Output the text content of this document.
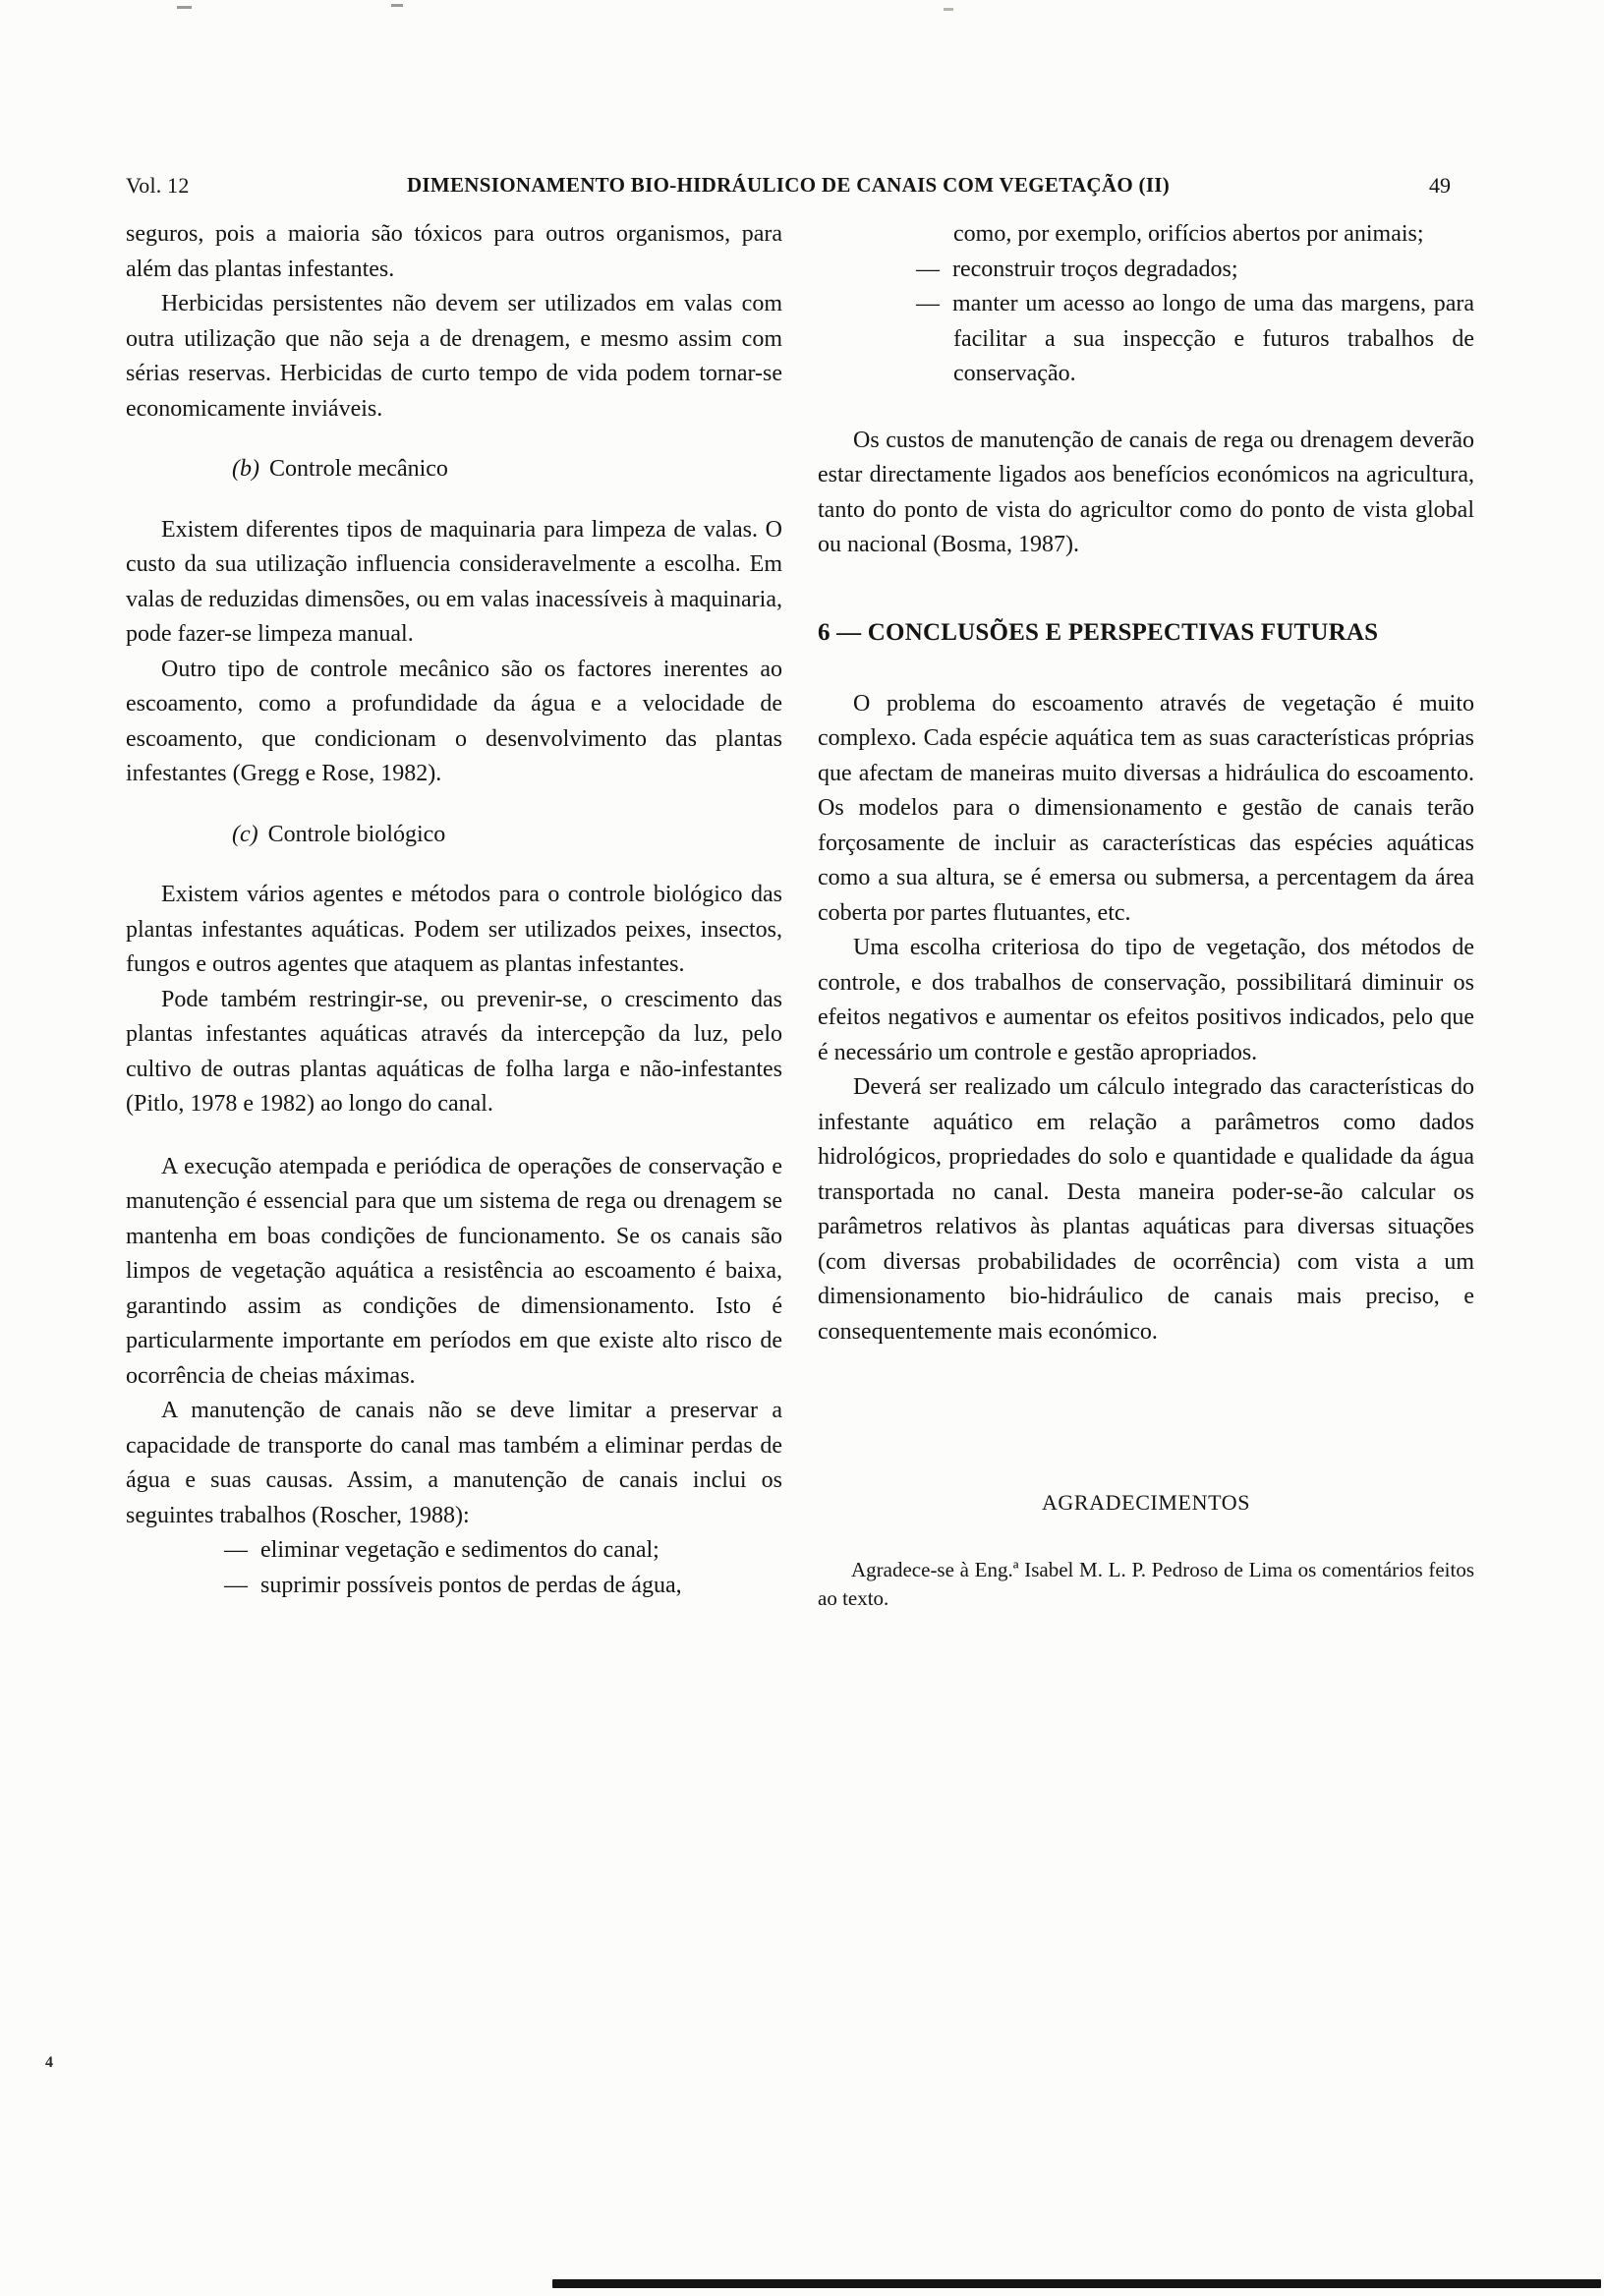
Vol. 12	DIMENSIONAMENTO BIO-HIDRÁULICO DE CANAIS COM VEGETAÇÃO (II)	49

seguros, pois a maioria são tóxicos para outros organismos, para além das plantas infestantes.

Herbicidas persistentes não devem ser utilizados em valas com outra utilização que não seja a de drenagem, e mesmo assim com sérias reservas. Herbicidas de curto tempo de vida podem tornar-se economicamente inviáveis.

(b) Controle mecânico

Existem diferentes tipos de maquinaria para limpeza de valas. O custo da sua utilização influencia consideravelmente a escolha. Em valas de reduzidas dimensões, ou em valas inacessíveis à maquinaria, pode fazer-se limpeza manual.

Outro tipo de controle mecânico são os factores inerentes ao escoamento, como a profundidade da água e a velocidade de escoamento, que condicionam o desenvolvimento das plantas infestantes (Gregg e Rose, 1982).

(c) Controle biológico

Existem vários agentes e métodos para o controle biológico das plantas infestantes aquáticas. Podem ser utilizados peixes, insectos, fungos e outros agentes que ataquem as plantas infestantes.

Pode também restringir-se, ou prevenir-se, o crescimento das plantas infestantes aquáticas através da intercepção da luz, pelo cultivo de outras plantas aquáticas de folha larga e não-infestantes (Pitlo, 1978 e 1982) ao longo do canal.

A execução atempada e periódica de operações de conservação e manutenção é essencial para que um sistema de rega ou drenagem se mantenha em boas condições de funcionamento. Se os canais são limpos de vegetação aquática a resistência ao escoamento é baixa, garantindo assim as condições de dimensionamento. Isto é particularmente importante em períodos em que existe alto risco de ocorrência de cheias máximas.

A manutenção de canais não se deve limitar a preservar a capacidade de transporte do canal mas também a eliminar perdas de água e suas causas. Assim, a manutenção de canais inclui os seguintes trabalhos (Roscher, 1988):

— eliminar vegetação e sedimentos do canal;
— suprimir possíveis pontos de perdas de água,

como, por exemplo, orifícios abertos por animais;

— reconstruir troços degradados;
— manter um acesso ao longo de uma das margens, para facilitar a sua inspecção e futuros trabalhos de conservação.

Os custos de manutenção de canais de rega ou drenagem deverão estar directamente ligados aos benefícios económicos na agricultura, tanto do ponto de vista do agricultor como do ponto de vista global ou nacional (Bosma, 1987).

6 — CONCLUSÕES E PERSPECTIVAS FUTURAS

O problema do escoamento através de vegetação é muito complexo. Cada espécie aquática tem as suas características próprias que afectam de maneiras muito diversas a hidráulica do escoamento. Os modelos para o dimensionamento e gestão de canais terão forçosamente de incluir as características das espécies aquáticas como a sua altura, se é emersa ou submersa, a percentagem da área coberta por partes flutuantes, etc.

Uma escolha criteriosa do tipo de vegetação, dos métodos de controle, e dos trabalhos de conservação, possibilitará diminuir os efeitos negativos e aumentar os efeitos positivos indicados, pelo que é necessário um controle e gestão apropriados.

Deverá ser realizado um cálculo integrado das características do infestante aquático em relação a parâmetros como dados hidrológicos, propriedades do solo e quantidade e qualidade da água transportada no canal. Desta maneira poder-se-ão calcular os parâmetros relativos às plantas aquáticas para diversas situações (com diversas probabilidades de ocorrência) com vista a um dimensionamento bio-hidráulico de canais mais preciso, e consequentemente mais económico.

AGRADECIMENTOS

Agradece-se à Eng.ª Isabel M. L. P. Pedroso de Lima os comentários feitos ao texto.

4
